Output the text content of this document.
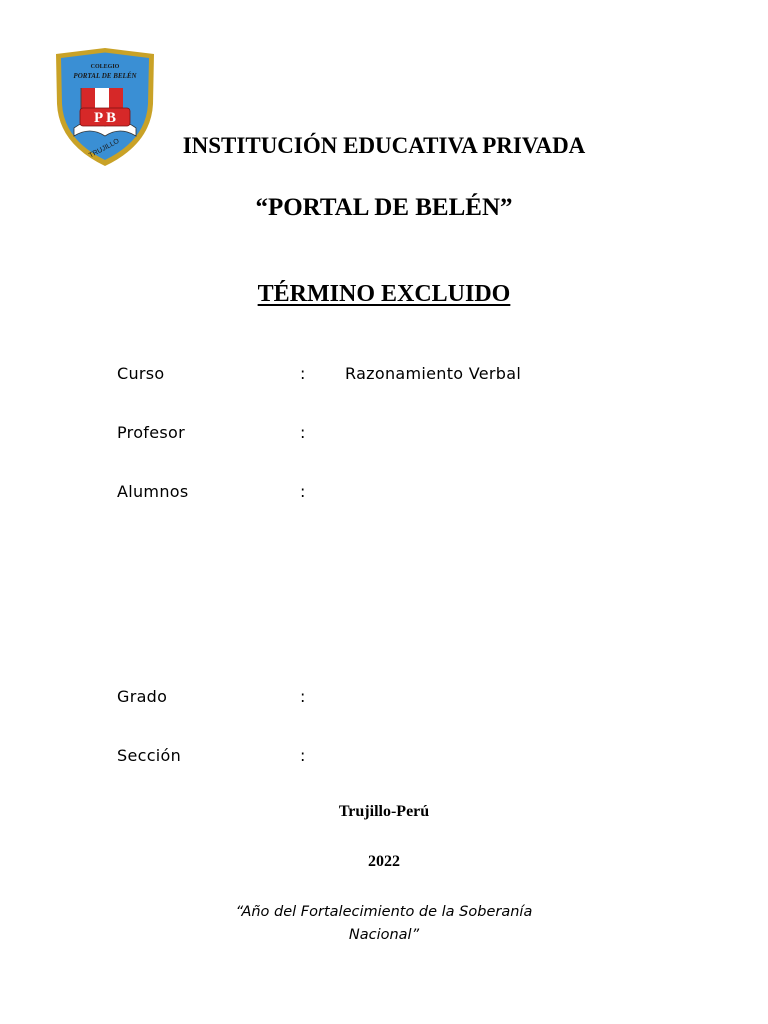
COLEGIO
PORTAL DE BELÉN
P B
TRUJILLO	INSTITUCIÓN EDUCATIVA PRIVADA
“PORTAL DE BELÉN”
TÉRMINO EXCLUIDO
Curso	: Razonamiento Verbal
Profesor	:
Alumnos	:
Grado	:
Sección	:
Trujillo-Perú
2022
“Año del Fortalecimiento de la Soberanía
Nacional”
